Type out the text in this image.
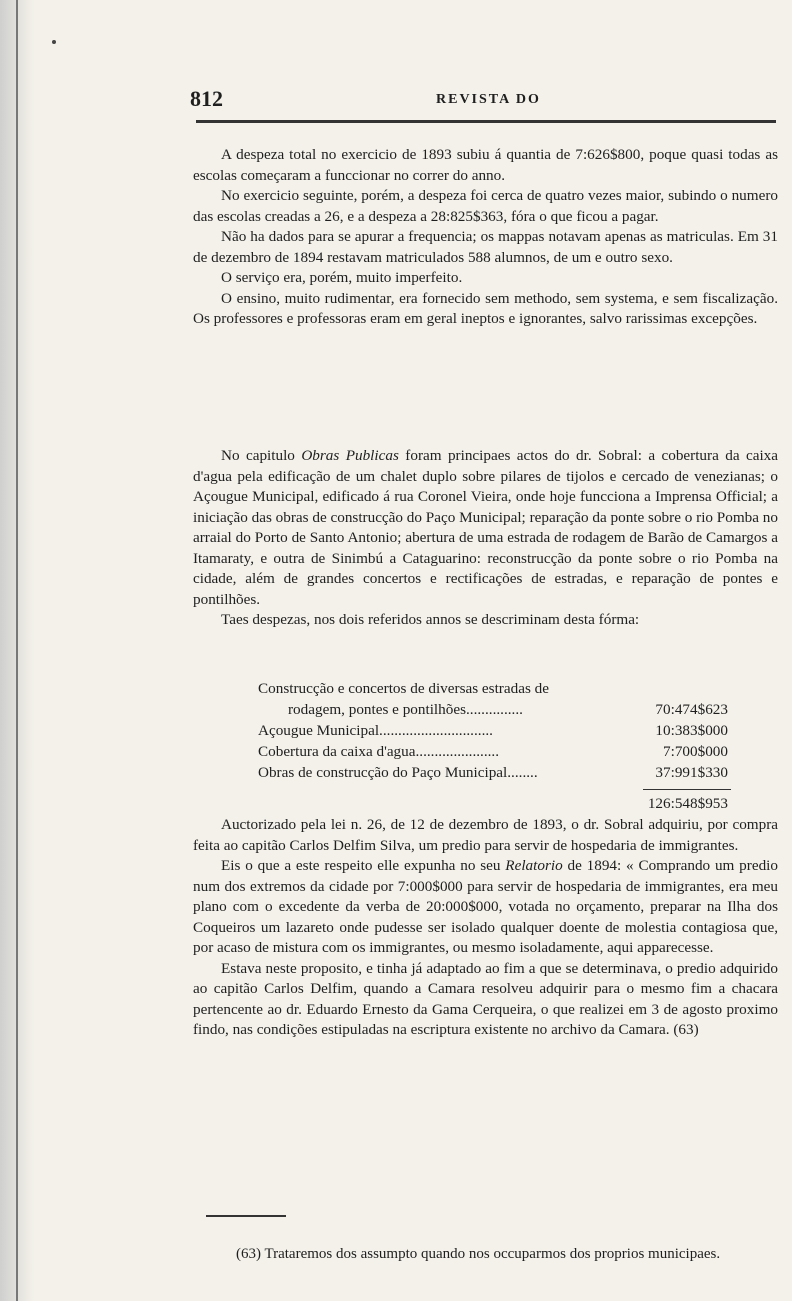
812	REVISTA DO

A despeza total no exercicio de 1893 subiu á quantia de 7:626$800, poque quasi todas as escolas começaram a funccionar no correr do anno.

No exercicio seguinte, porém, a despeza foi cerca de quatro vezes maior, subindo o numero das escolas creadas a 26, e a despeza a 28:825$363, fóra o que ficou a pagar.

Não ha dados para se apurar a frequencia; os mappas notavam apenas as matriculas. Em 31 de dezembro de 1894 restavam matriculados 588 alumnos, de um e outro sexo.

O serviço era, porém, muito imperfeito.

O ensino, muito rudimentar, era fornecido sem methodo, sem systema, e sem fiscalização. Os professores e professoras eram em geral ineptos e ignorantes, salvo rarissimas excepções.

No capitulo Obras Publicas foram principaes actos do dr. Sobral: a cobertura da caixa d'agua pela edificação de um chalet duplo sobre pilares de tijolos e cercado de venezianas; o Açougue Municipal, edificado á rua Coronel Vieira, onde hoje funcciona a Imprensa Official; a iniciação das obras de construcção do Paço Municipal; reparação da ponte sobre o rio Pomba no arraial do Porto de Santo Antonio; abertura de uma estrada de rodagem de Barão de Camargos a Itamaraty, e outra de Sinimbú a Cataguarino: reconstrucção da ponte sobre o rio Pomba na cidade, além de grandes concertos e rectificações de estradas, e reparação de pontes e pontilhões.

Taes despezas, nos dois referidos annos se descriminam desta fórma:

Construcção e concertos de diversas estradas de
rodagem, pontes e pontilhões...............	70:474$623
Açougue Municipal..............................	10:383$000
Cobertura da caixa d'agua......................	7:700$000
Obras de construcção do Paço Municipal........	37:991$330
126:548$953

Auctorizado pela lei n. 26, de 12 de dezembro de 1893, o dr. Sobral adquiriu, por compra feita ao capitão Carlos Delfim Silva, um predio para servir de hospedaria de immigrantes.

Eis o que a este respeito elle expunha no seu Relatorio de 1894: « Comprando um predio num dos extremos da cidade por 7:000$000 para servir de hospedaria de immigrantes, era meu plano com o excedente da verba de 20:000$000, votada no orçamento, preparar na Ilha dos Coqueiros um lazareto onde pudesse ser isolado qualquer doente de molestia contagiosa que, por acaso de mistura com os immigrantes, ou mesmo isoladamente, aqui apparecesse.

Estava neste proposito, e tinha já adaptado ao fim a que se determinava, o predio adquirido ao capitão Carlos Delfim, quando a Camara resolveu adquirir para o mesmo fim a chacara pertencente ao dr. Eduardo Ernesto da Gama Cerqueira, o que realizei em 3 de agosto proximo findo, nas condições estipuladas na escriptura existente no archivo da Camara. (63)

(63) Trataremos dos assumpto quando nos occuparmos dos proprios municipaes.
